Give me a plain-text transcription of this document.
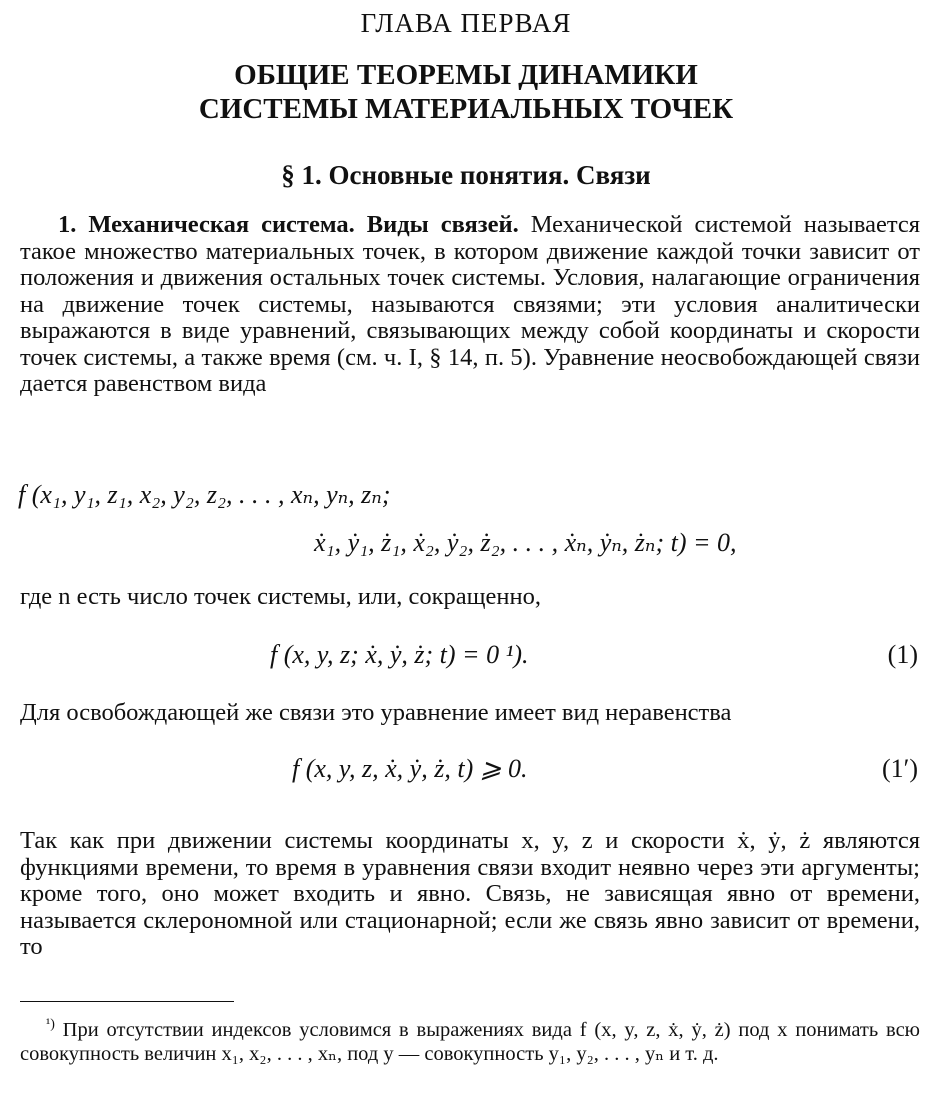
ГЛАВА ПЕРВАЯ
ОБЩИЕ ТЕОРЕМЫ ДИНАМИКИ
СИСТЕМЫ МАТЕРИАЛЬНЫХ ТОЧЕК
§ 1. Основные понятия. Связи
1. Механическая система. Виды связей. Механической системой называется такое множество материальных точек, в котором движение каждой точки зависит от положения и движения остальных точек системы. Условия, налагающие ограничения на движение точек системы, называются связями; эти условия аналитически выражаются в виде уравнений, связывающих между собой координаты и скорости точек системы, а также время (см. ч. I, § 14, п. 5). Уравнение неосвобождающей связи дается равенством вида
f (x₁, y₁, z₁, x₂, y₂, z₂, . . . , xₙ, yₙ, zₙ;
ẋ₁, ẏ₁, ż₁, ẋ₂, ẏ₂, ż₂, . . . , ẋₙ, ẏₙ, żₙ; t) = 0,
где n есть число точек системы, или, сокращенно,
f (x, y, z; ẋ, ẏ, ż; t) = 0 ¹).	(1)
Для освобождающей же связи это уравнение имеет вид неравенства
f (x, y, z, ẋ, ẏ, ż, t) ⩾ 0.	(1′)
Так как при движении системы координаты x, y, z и скорости ẋ, ẏ, ż являются функциями времени, то время в уравнения связи входит неявно через эти аргументы; кроме того, оно может входить и явно. Связь, не зависящая явно от времени, называется склерономной или стационарной; если же связь явно зависит от времени, то
$^{^1)}$ При отсутствии индексов условимся в выражениях вида f (x, y, z, ẋ, ẏ, ż) под x понимать всю совокупность величин x₁, x₂, . . . , xₙ, под y — совокупность y₁, y₂, . . . , yₙ и т. д.
